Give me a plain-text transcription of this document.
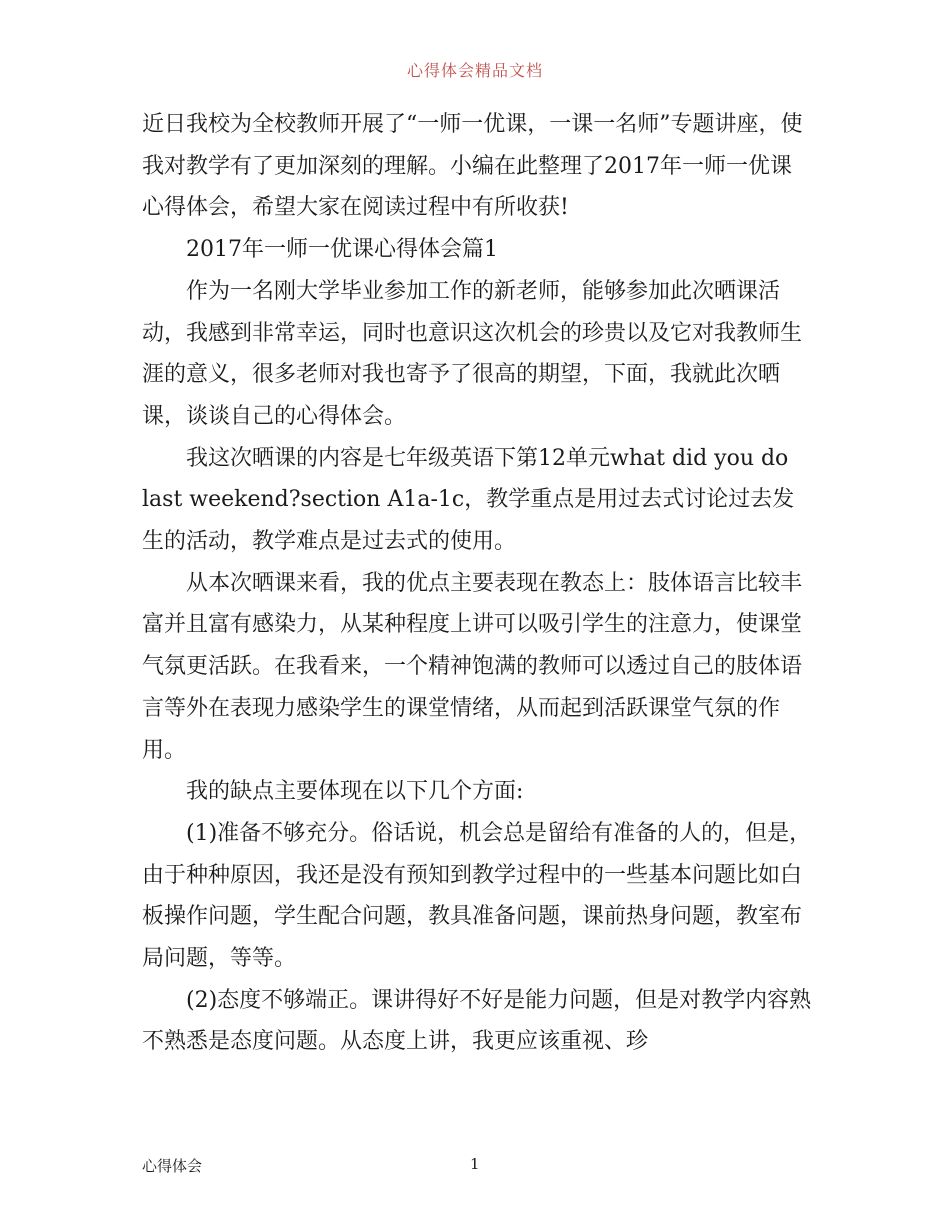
心得体会精品文档

近日我校为全校教师开展了“一师一优课，一课一名师”专题讲座，使我对教学有了更加深刻的理解。小编在此整理了2017年一师一优课心得体会，希望大家在阅读过程中有所收获!

2017年一师一优课心得体会篇1

作为一名刚大学毕业参加工作的新老师，能够参加此次晒课活动，我感到非常幸运，同时也意识这次机会的珍贵以及它对我教师生涯的意义，很多老师对我也寄予了很高的期望，下面，我就此次晒课，谈谈自己的心得体会。

我这次晒课的内容是七年级英语下第12单元what did you do last weekend?section A1a-1c，教学重点是用过去式讨论过去发生的活动，教学难点是过去式的使用。

从本次晒课来看，我的优点主要表现在教态上：肢体语言比较丰富并且富有感染力，从某种程度上讲可以吸引学生的注意力，使课堂气氛更活跃。在我看来，一个精神饱满的教师可以透过自己的肢体语言等外在表现力感染学生的课堂情绪，从而起到活跃课堂气氛的作用。

我的缺点主要体现在以下几个方面:

(1)准备不够充分。俗话说，机会总是留给有准备的人的，但是，由于种种原因，我还是没有预知到教学过程中的一些基本问题比如白板操作问题，学生配合问题，教具准备问题，课前热身问题，教室布局问题，等等。

(2)态度不够端正。课讲得好不好是能力问题，但是对教学内容熟不熟悉是态度问题。从态度上讲，我更应该重视、珍

心得体会	1
